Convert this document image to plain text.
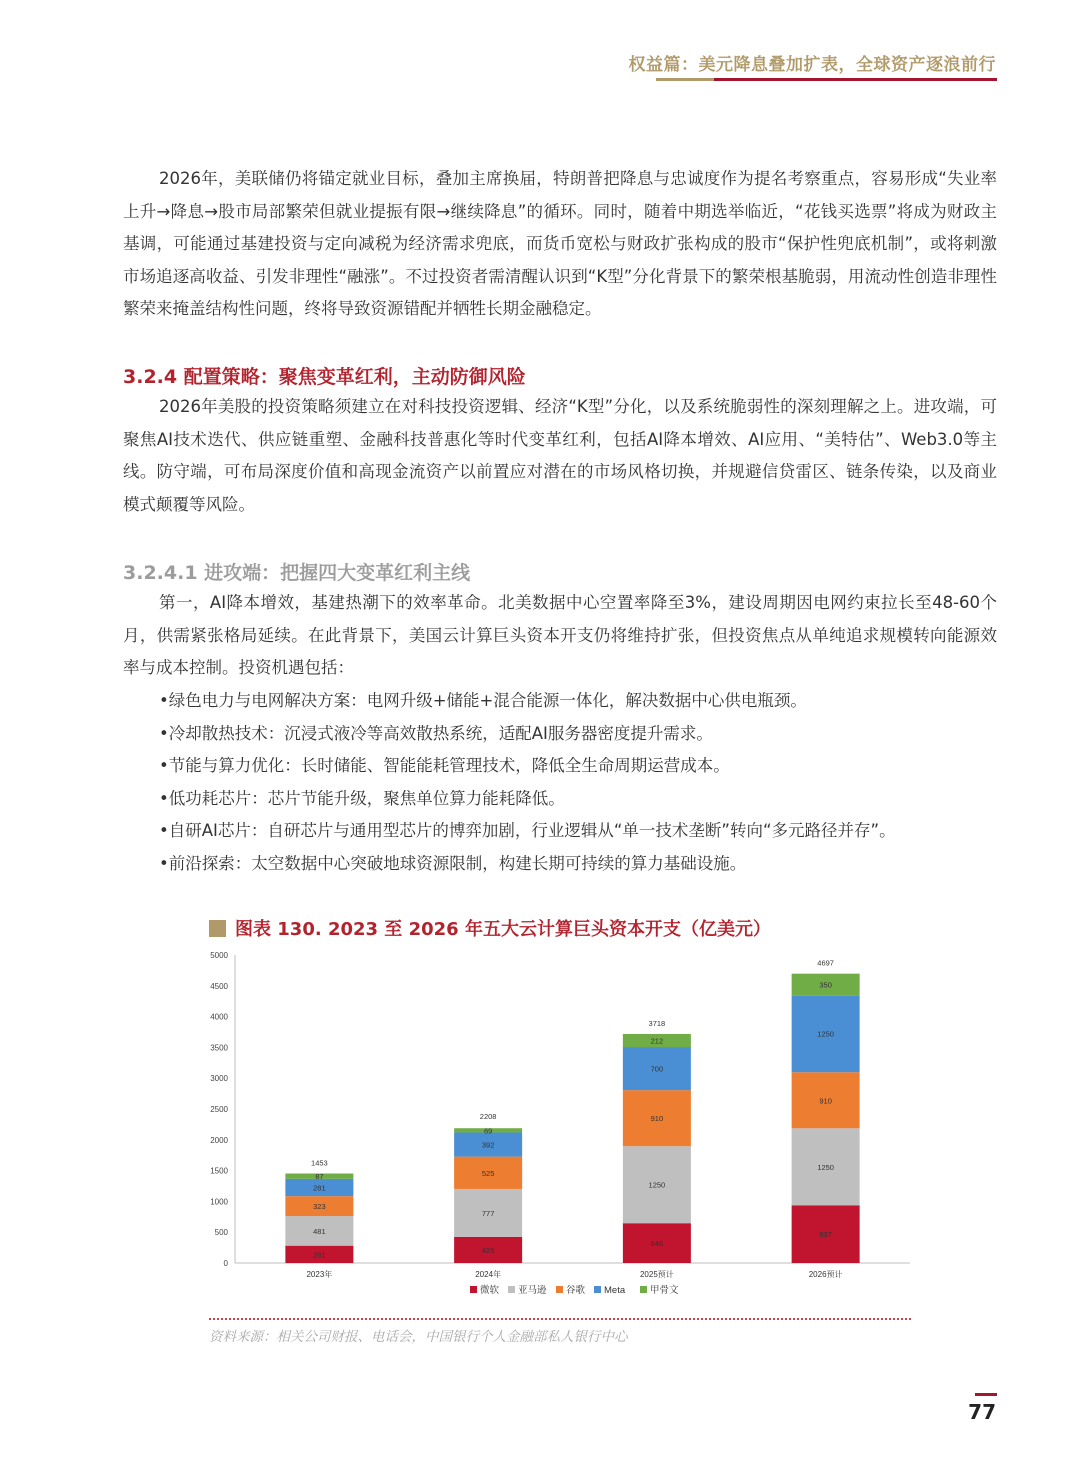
权益篇：美元降息叠加扩表，全球资产逐浪前行

2026年，美联储仍将锚定就业目标，叠加主席换届，特朗普把降息与忠诚度作为提名考察重点，容易形成“失业率上升→降息→股市局部繁荣但就业提振有限→继续降息”的循环。同时，随着中期选举临近，“花钱买选票”将成为财政主基调，可能通过基建投资与定向减税为经济需求兜底，而货币宽松与财政扩张构成的股市“保护性兜底机制”，或将刺激市场追逐高收益、引发非理性“融涨”。不过投资者需清醒认识到“K型”分化背景下的繁荣根基脆弱，用流动性创造非理性繁荣来掩盖结构性问题，终将导致资源错配并牺牲长期金融稳定。

3.2.4 配置策略：聚焦变革红利，主动防御风险

2026年美股的投资策略须建立在对科技投资逻辑、经济“K型”分化，以及系统脆弱性的深刻理解之上。进攻端，可聚焦AI技术迭代、供应链重塑、金融科技普惠化等时代变革红利，包括AI降本增效、AI应用、“美特估”、Web3.0等主线。防守端，可布局深度价值和高现金流资产以前置应对潜在的市场风格切换，并规避信贷雷区、链条传染，以及商业模式颠覆等风险。

3.2.4.1 进攻端：把握四大变革红利主线

第一，AI降本增效，基建热潮下的效率革命。北美数据中心空置率降至3%，建设周期因电网约束拉长至48-60个月，供需紧张格局延续。在此背景下，美国云计算巨头资本开支仍将维持扩张，但投资焦点从单纯追求规模转向能源效率与成本控制。投资机遇包括：

•绿色电力与电网解决方案：电网升级+储能+混合能源一体化，解决数据中心供电瓶颈。
•冷却散热技术：沉浸式液冷等高效散热系统，适配AI服务器密度提升需求。
•节能与算力优化：长时储能、智能能耗管理技术，降低全生命周期运营成本。
•低功耗芯片：芯片节能升级，聚焦单位算力能耗降低。
•自研AI芯片：自研芯片与通用型芯片的博弈加剧，行业逻辑从“单一技术垄断”转向“多元路径并存”。
•前沿探索：太空数据中心突破地球资源限制，构建长期可持续的算力基础设施。
图表 130. 2023 至 2026 年五大云计算巨头资本开支（亿美元）
0
500
1000
1500
2000
2500
3000
3500
4000
4500
5000
281
481
323
281
87
1453
2023年
425
777
525
392
69
2208
2024年
646
1250
910
700
212
3718
2025预计
937
1250
910
1250
350
4697
2026预计
微软 亚马逊 谷歌 Meta	甲骨文
资料来源：相关公司财报、电话会，中国银行个人金融部私人银行中心
77
